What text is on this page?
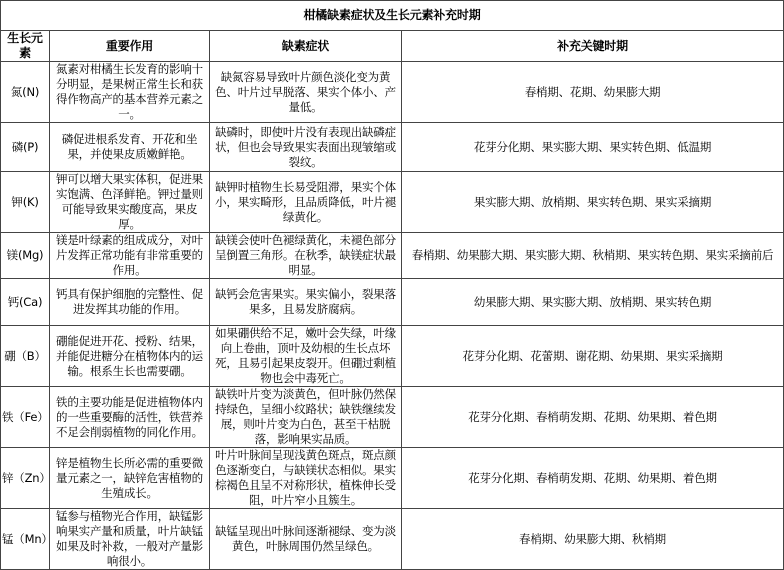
柑橘缺素症状及生长元素补充时期			
生长元素	重要作用	缺素症状	补充关键时期
氮(N)	氮素对柑橘生长发育的影响十分明显，是果树正常生长和获得作物高产的基本营养元素之一。	缺氮容易导致叶片颜色淡化变为黄色、叶片过早脱落、果实个体小、产量低。	春梢期、花期、幼果膨大期
磷(P)	磷促进根系发育、开花和坐果，并使果皮质嫩鲜艳。	缺磷时，即使叶片没有表现出缺磷症状，但也会导致果实表面出现皱缩或裂纹。	花芽分化期、果实膨大期、果实转色期、低温期
钾(K)	钾可以增大果实体积，促进果实饱满、色泽鲜艳。钾过量则可能导致果实酸度高，果皮厚。	缺钾时植物生长易受阻滞，果实个体小，果实畸形，且品质降低，叶片褪绿黄化。	果实膨大期、放梢期、果实转色期、果实采摘期
镁(Mg)	镁是叶绿素的组成成分，对叶片发挥正常功能有非常重要的作用。	缺镁会使叶色褪绿黄化，未褪色部分呈倒置三角形。在秋季，缺镁症状最明显。	春梢期、幼果膨大期、果实膨大期、秋梢期、果实转色期、果实采摘前后
钙(Ca)	钙具有保护细胞的完整性、促进发挥其功能的作用。	缺钙会危害果实。果实偏小，裂果落果多，且易发脐腐病。	幼果膨大期、果实膨大期、放梢期、果实转色期
硼（B）	硼能促进开花、授粉、结果，并能促进糖分在植物体内的运输。根系生长也需要硼。	如果硼供给不足，嫩叶会失绿，叶缘向上卷曲，顶叶及幼根的生长点坏死，且易引起果皮裂开。但硼过剩植物也会中毒死亡。	花芽分化期、花蕾期、谢花期、幼果期、果实采摘期
铁（Fe）	铁的主要功能是促进植物体内的一些重要酶的活性，铁营养不足会削弱植物的同化作用。	缺铁叶片变为淡黄色，但叶脉仍然保持绿色，呈细小纹路状；缺铁继续发展，则叶片变为白色，甚至干枯脱落，影响果实品质。	花芽分化期、春梢萌发期、花期、幼果期、着色期
锌（Zn）	锌是植物生长所必需的重要微量元素之一，缺锌危害植物的生殖成长。	叶片叶脉间呈现浅黄色斑点，斑点颜色逐渐变白，与缺镁状态相似。果实棕褐色且呈不对称形状，植株伸长受阻，叶片窄小且簇生。	花芽分化期、春梢萌发期、花期、幼果期、着色期
锰（Mn）	锰参与植物光合作用，缺锰影响果实产量和质量，叶片缺锰如果及时补救，一般对产量影响很小。	缺锰呈现出叶脉间逐渐褪绿、变为淡黄色，叶脉周围仍然呈绿色。	春梢期、幼果膨大期、秋梢期
